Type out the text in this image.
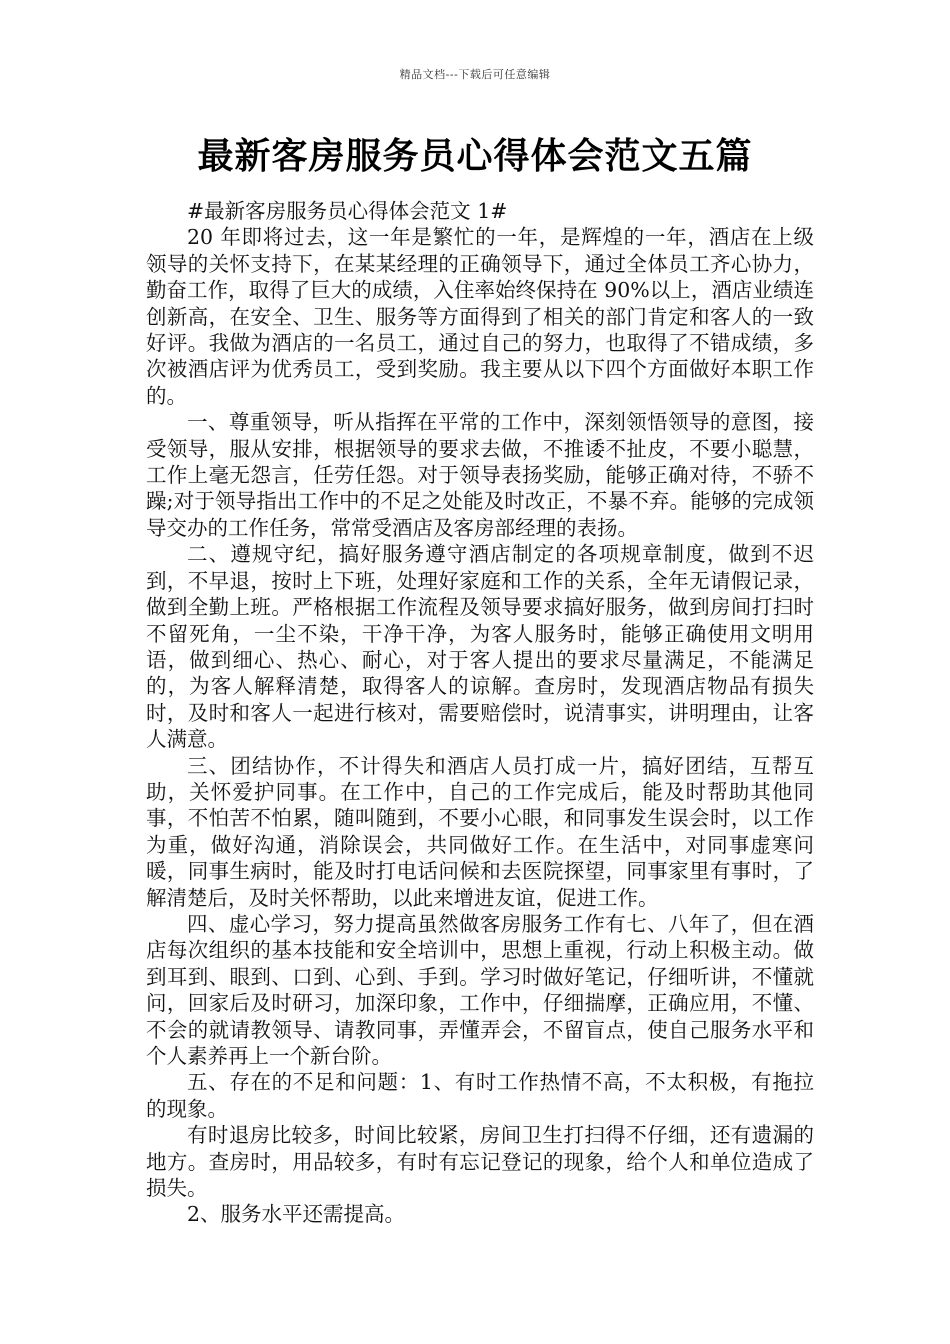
精品文档---下载后可任意编辑
最新客房服务员心得体会范文五篇

#最新客房服务员心得体会范文 1#

20 年即将过去，这一年是繁忙的一年，是辉煌的一年，酒店在上级领导的关怀支持下，在某某经理的正确领导下，通过全体员工齐心协力，勤奋工作，取得了巨大的成绩，入住率始终保持在 90%以上，酒店业绩连创新高，在安全、卫生、服务等方面得到了相关的部门肯定和客人的一致好评。我做为酒店的一名员工，通过自己的努力，也取得了不错成绩，多次被酒店评为优秀员工，受到奖励。我主要从以下四个方面做好本职工作的。

一、尊重领导，听从指挥在平常的工作中，深刻领悟领导的意图，接受领导，服从安排，根据领导的要求去做，不推诿不扯皮，不要小聪慧，工作上毫无怨言，任劳任怨。对于领导表扬奖励，能够正确对待，不骄不躁;对于领导指出工作中的不足之处能及时改正，不暴不弃。能够的完成领导交办的工作任务，常常受酒店及客房部经理的表扬。

二、遵规守纪，搞好服务遵守酒店制定的各项规章制度，做到不迟到，不早退，按时上下班，处理好家庭和工作的关系，全年无请假记录，做到全勤上班。严格根据工作流程及领导要求搞好服务，做到房间打扫时不留死角，一尘不染，干净干净，为客人服务时，能够正确使用文明用语，做到细心、热心、耐心，对于客人提出的要求尽量满足，不能满足的，为客人解释清楚，取得客人的谅解。查房时，发现酒店物品有损失时，及时和客人一起进行核对，需要赔偿时，说清事实，讲明理由，让客人满意。

三、团结协作，不计得失和酒店人员打成一片，搞好团结，互帮互助，关怀爱护同事。在工作中，自己的工作完成后，能及时帮助其他同事，不怕苦不怕累，随叫随到，不要小心眼，和同事发生误会时，以工作为重，做好沟通，消除误会，共同做好工作。在生活中，对同事虚寒问暖，同事生病时，能及时打电话问候和去医院探望，同事家里有事时，了解清楚后，及时关怀帮助，以此来增进友谊，促进工作。

四、虚心学习，努力提高虽然做客房服务工作有七、八年了，但在酒店每次组织的基本技能和安全培训中，思想上重视，行动上积极主动。做到耳到、眼到、口到、心到、手到。学习时做好笔记，仔细听讲，不懂就问，回家后及时研习，加深印象，工作中，仔细揣摩，正确应用，不懂、不会的就请教领导、请教同事，弄懂弄会，不留盲点，使自己服务水平和个人素养再上一个新台阶。

五、存在的不足和问题：1、有时工作热情不高，不太积极，有拖拉的现象。

有时退房比较多，时间比较紧，房间卫生打扫得不仔细，还有遗漏的地方。查房时，用品较多，有时有忘记登记的现象，给个人和单位造成了损失。

2、服务水平还需提高。
